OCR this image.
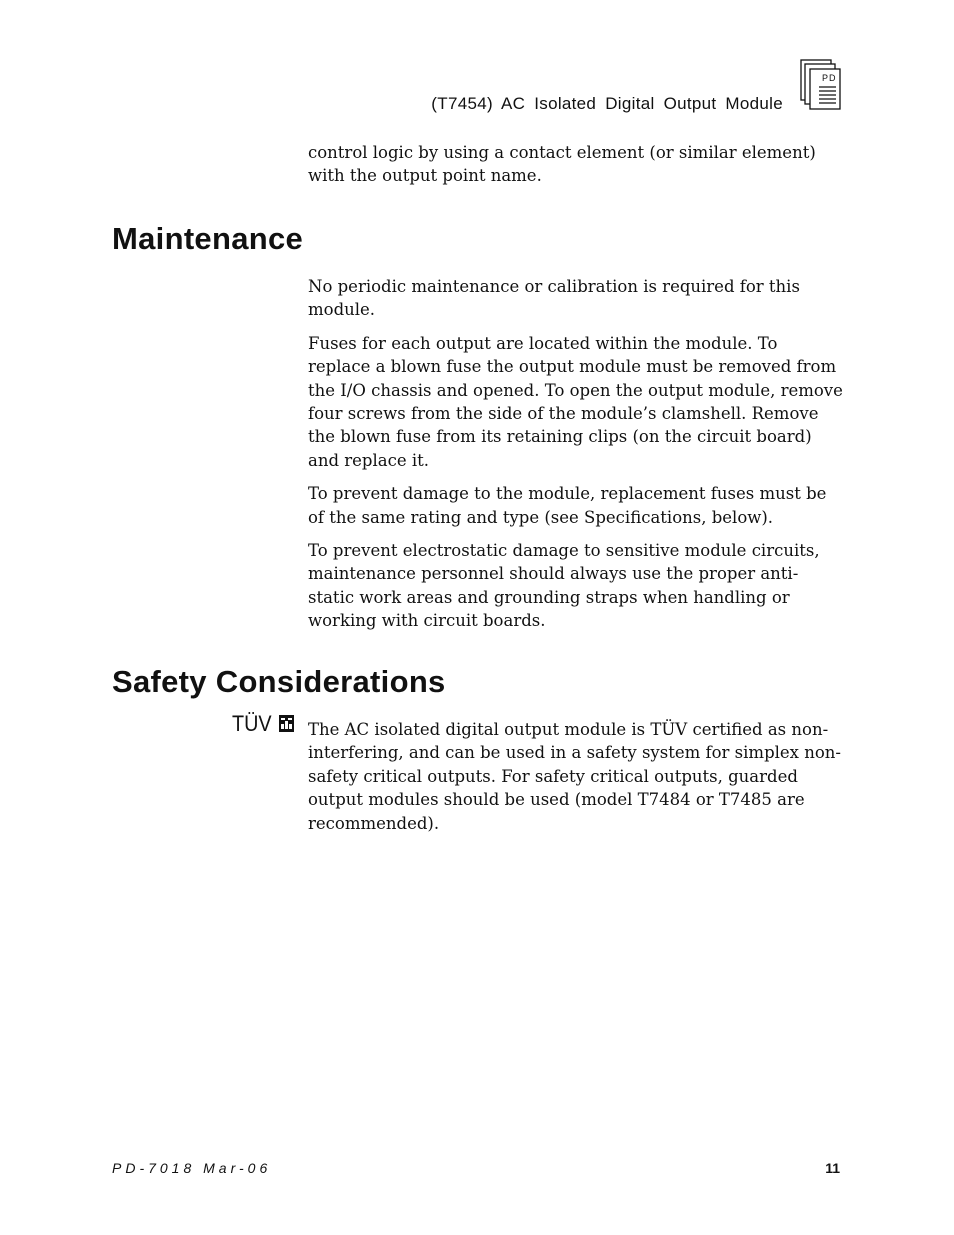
(T7454) AC Isolated Digital Output Module
PD

control logic by using a contact element (or similar element) with the output point name.

Maintenance

No periodic maintenance or calibration is required for this module.

Fuses for each output are located within the module. To replace a blown fuse the output module must be removed from the I/O chassis and opened. To open the output module, remove four screws from the side of the module’s clamshell. Remove the blown fuse from its retaining clips (on the circuit board) and replace it.

To prevent damage to the module, replacement fuses must be of the same rating and type (see Specifications, below).

To prevent electrostatic damage to sensitive module circuits, maintenance personnel should always use the proper anti-static work areas and grounding straps when handling or working with circuit boards.

Safety Considerations
TÜV	The AC isolated digital output module is TÜV certified as non-interfering, and can be used in a safety system for simplex non-safety critical outputs. For safety critical outputs, guarded output modules should be used (model T7484 or T7485 are recommended).

PD-7018 Mar-06	11
